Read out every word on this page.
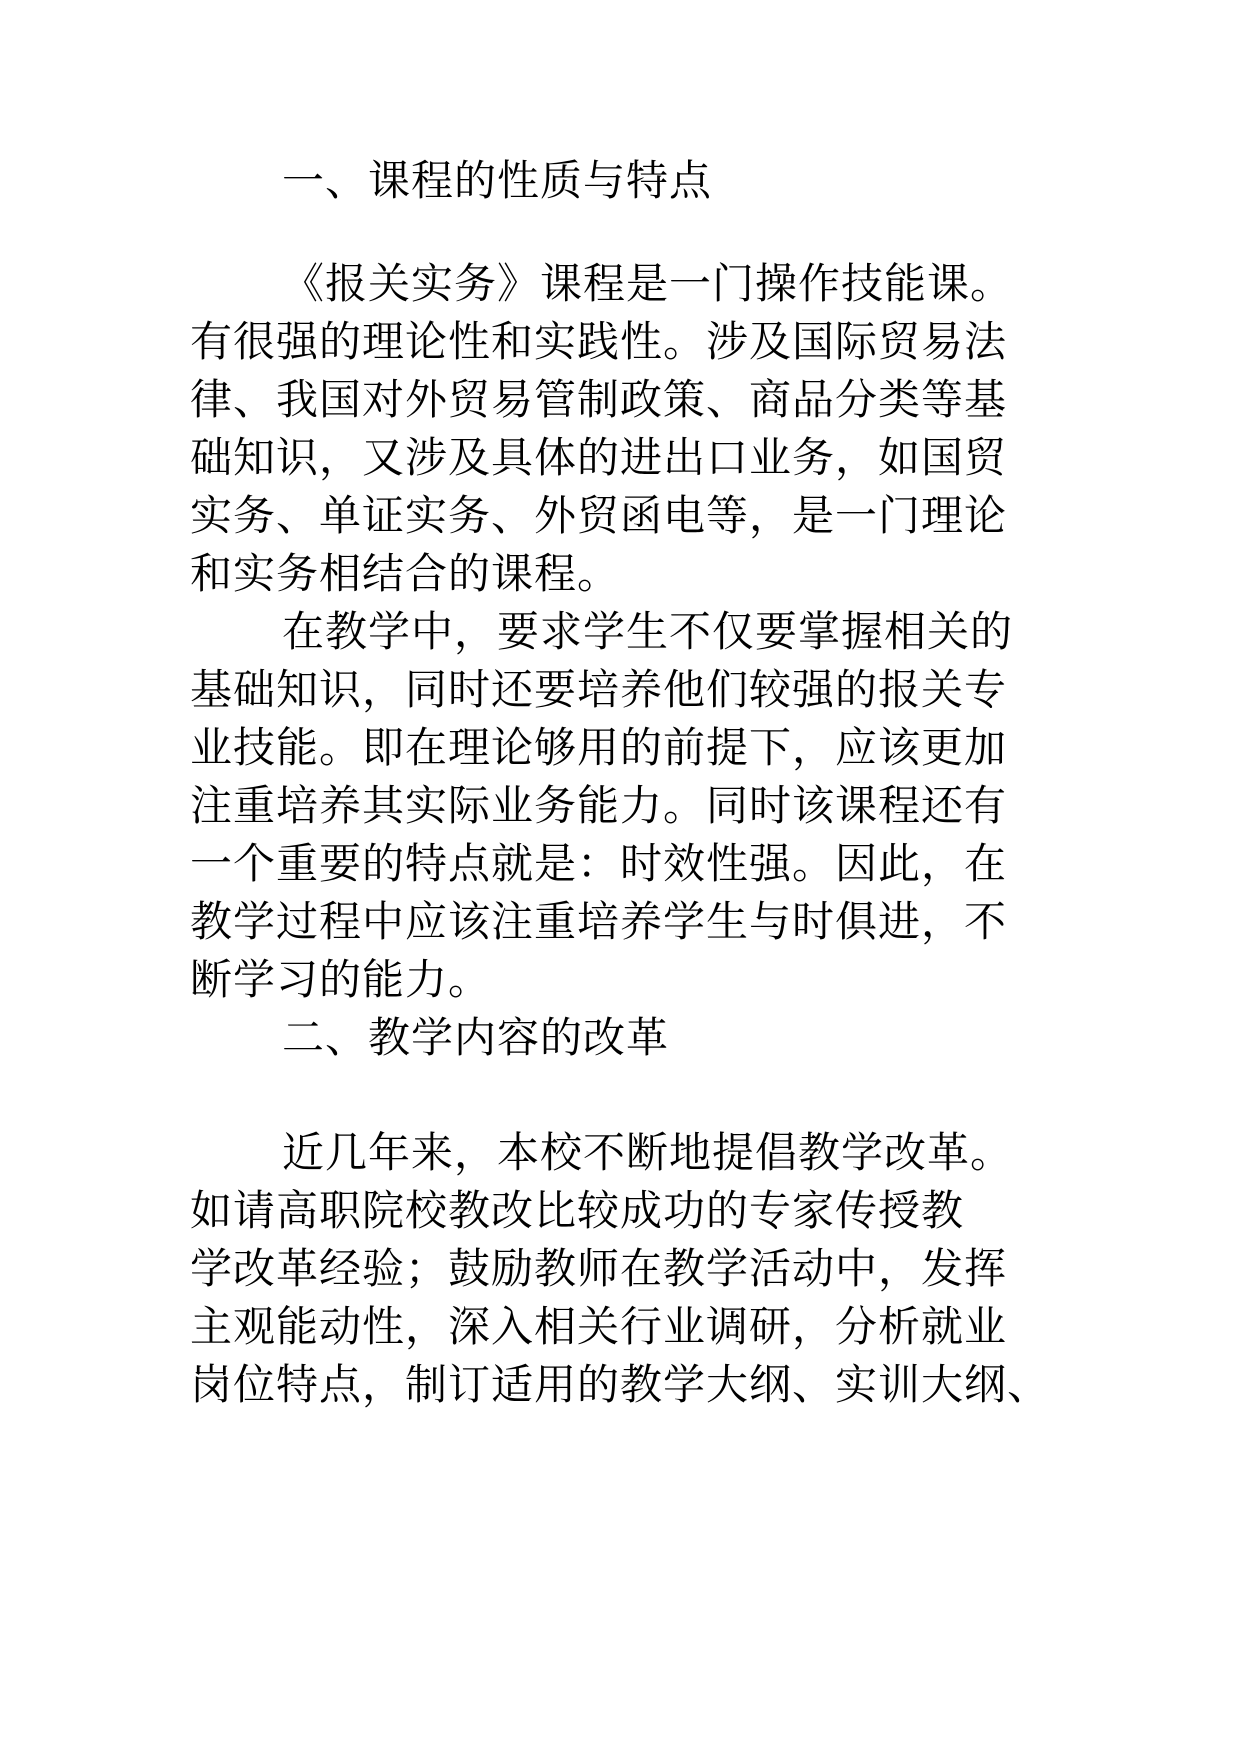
一、课程的性质与特点
《报关实务》课程是一门操作技能课。
有很强的理论性和实践性。涉及国际贸易法
律、我国对外贸易管制政策、商品分类等基
础知识，又涉及具体的进出口业务，如国贸
实务、单证实务、外贸函电等，是一门理论
和实务相结合的课程。
在教学中，要求学生不仅要掌握相关的
基础知识，同时还要培养他们较强的报关专
业技能。即在理论够用的前提下，应该更加
注重培养其实际业务能力。同时该课程还有
一个重要的特点就是：时效性强。因此，在
教学过程中应该注重培养学生与时俱进，不
断学习的能力。
二、教学内容的改革
近几年来，本校不断地提倡教学改革。
如请高职院校教改比较成功的专家传授教
学改革经验；鼓励教师在教学活动中，发挥
主观能动性，深入相关行业调研，分析就业
岗位特点，制订适用的教学大纲、实训大纲、
